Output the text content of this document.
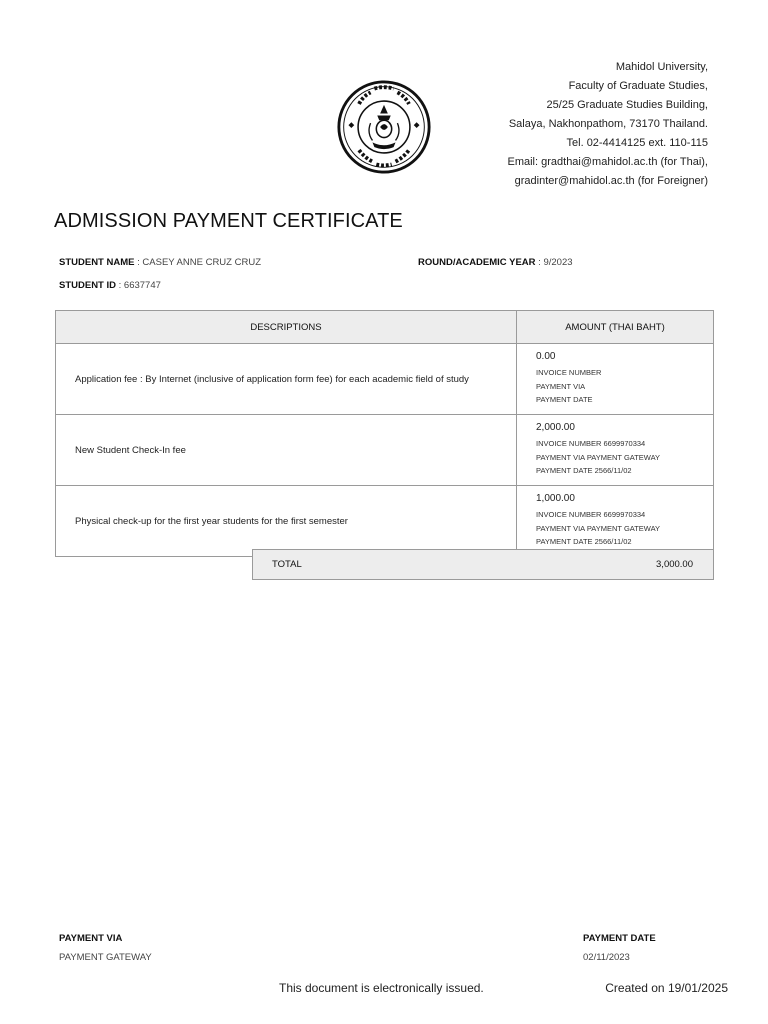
Mahidol University,
Faculty of Graduate Studies,
25/25 Graduate Studies Building,
Salaya, Nakhonpathom, 73170 Thailand.
Tel. 02-4414125 ext. 110-115
Email: gradthai@mahidol.ac.th (for Thai),
gradinter@mahidol.ac.th (for Foreigner)
ADMISSION PAYMENT CERTIFICATE
STUDENT NAME : CASEY ANNE CRUZ CRUZ	ROUND/ACADEMIC YEAR : 9/2023
STUDENT ID : 6637747
DESCRIPTIONS	AMOUNT (THAI BAHT)
Application fee : By Internet (inclusive of application form fee) for each academic field of study	0.00
INVOICE NUMBER
PAYMENT VIA
PAYMENT DATE

New Student Check-In fee	2,000.00
INVOICE NUMBER 6699970334
PAYMENT VIA PAYMENT GATEWAY
PAYMENT DATE 2566/11/02

Physical check-up for the first year students for the first semester	1,000.00
INVOICE NUMBER 6699970334
PAYMENT VIA PAYMENT GATEWAY
PAYMENT DATE 2566/11/02
TOTAL	3,000.00
PAYMENT VIA
PAYMENT GATEWAY
PAYMENT DATE
02/11/2023
This document is electronically issued.	Created on 19/01/2025
